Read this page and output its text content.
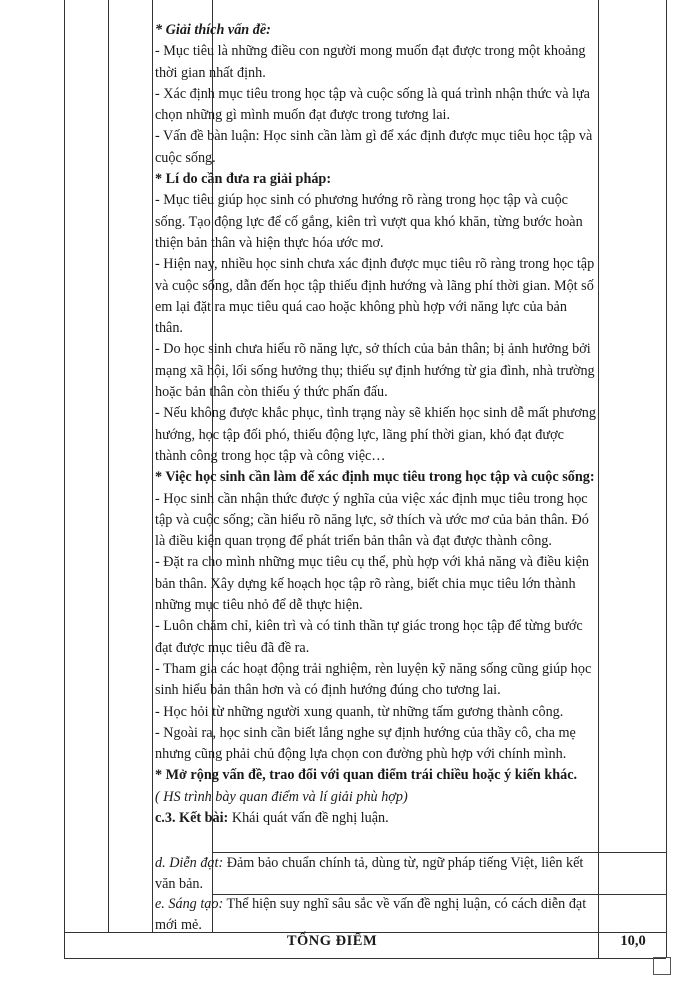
* Giải thích vấn đề:

- Mục tiêu là những điều con người mong muốn đạt được trong một khoảng thời gian nhất định.

- Xác định mục tiêu trong học tập và cuộc sống là quá trình nhận thức và lựa chọn những gì mình muốn đạt được trong tương lai.

- Vấn đề bàn luận: Học sinh cần làm gì để xác định được mục tiêu học tập và cuộc sống.

* Lí do cần đưa ra giải pháp:

- Mục tiêu giúp học sinh có phương hướng rõ ràng trong học tập và cuộc sống. Tạo động lực để cố gắng, kiên trì vượt qua khó khăn, từng bước hoàn thiện bản thân và hiện thực hóa ước mơ.

- Hiện nay, nhiều học sinh chưa xác định được mục tiêu rõ ràng trong học tập và cuộc sống, dẫn đến học tập thiếu định hướng và lãng phí thời gian. Một số em lại đặt ra mục tiêu quá cao hoặc không phù hợp với năng lực của bản thân.

- Do học sinh chưa hiểu rõ năng lực, sở thích của bản thân; bị ảnh hưởng bởi mạng xã hội, lối sống hưởng thụ; thiếu sự định hướng từ gia đình, nhà trường hoặc bản thân còn thiếu ý thức phấn đấu.

- Nếu không được khắc phục, tình trạng này sẽ khiến học sinh dễ mất phương hướng, học tập đối phó, thiếu động lực, lãng phí thời gian, khó đạt được thành công trong học tập và công việc…

* Việc học sinh cần làm để xác định mục tiêu trong học tập và cuộc sống:

- Học sinh cần nhận thức được ý nghĩa của việc xác định mục tiêu trong học tập và cuộc sống; cần hiểu rõ năng lực, sở thích và ước mơ của bản thân. Đó là điều kiện quan trọng để phát triển bản thân và đạt được thành công.

- Đặt ra cho mình những mục tiêu cụ thể, phù hợp với khả năng và điều kiện bản thân. Xây dựng kế hoạch học tập rõ ràng, biết chia mục tiêu lớn thành những mục tiêu nhỏ để dễ thực hiện.

- Luôn chăm chỉ, kiên trì và có tinh thần tự giác trong học tập để từng bước đạt được mục tiêu đã đề ra.

- Tham gia các hoạt động trải nghiệm, rèn luyện kỹ năng sống cũng giúp học sinh hiểu bản thân hơn và có định hướng đúng cho tương lai.

- Học hỏi từ những người xung quanh, từ những tấm gương thành công.

- Ngoài ra, học sinh cần biết lắng nghe sự định hướng của thầy cô, cha mẹ nhưng cũng phải chủ động lựa chọn con đường phù hợp với chính mình.

* Mở rộng vấn đề, trao đổi với quan điểm trái chiều hoặc ý kiến khác.

( HS trình bày quan điểm và lí giải phù hợp)

c.3. Kết bài: Khái quát vấn đề nghị luận.

d. Diễn đạt: Đảm bảo chuẩn chính tả, dùng từ, ngữ pháp tiếng Việt, liên kết văn bản.

e. Sáng tạo: Thể hiện suy nghĩ sâu sắc về vấn đề nghị luận, có cách diễn đạt mới mẻ.

TỔNG ĐIỂM	10,0
